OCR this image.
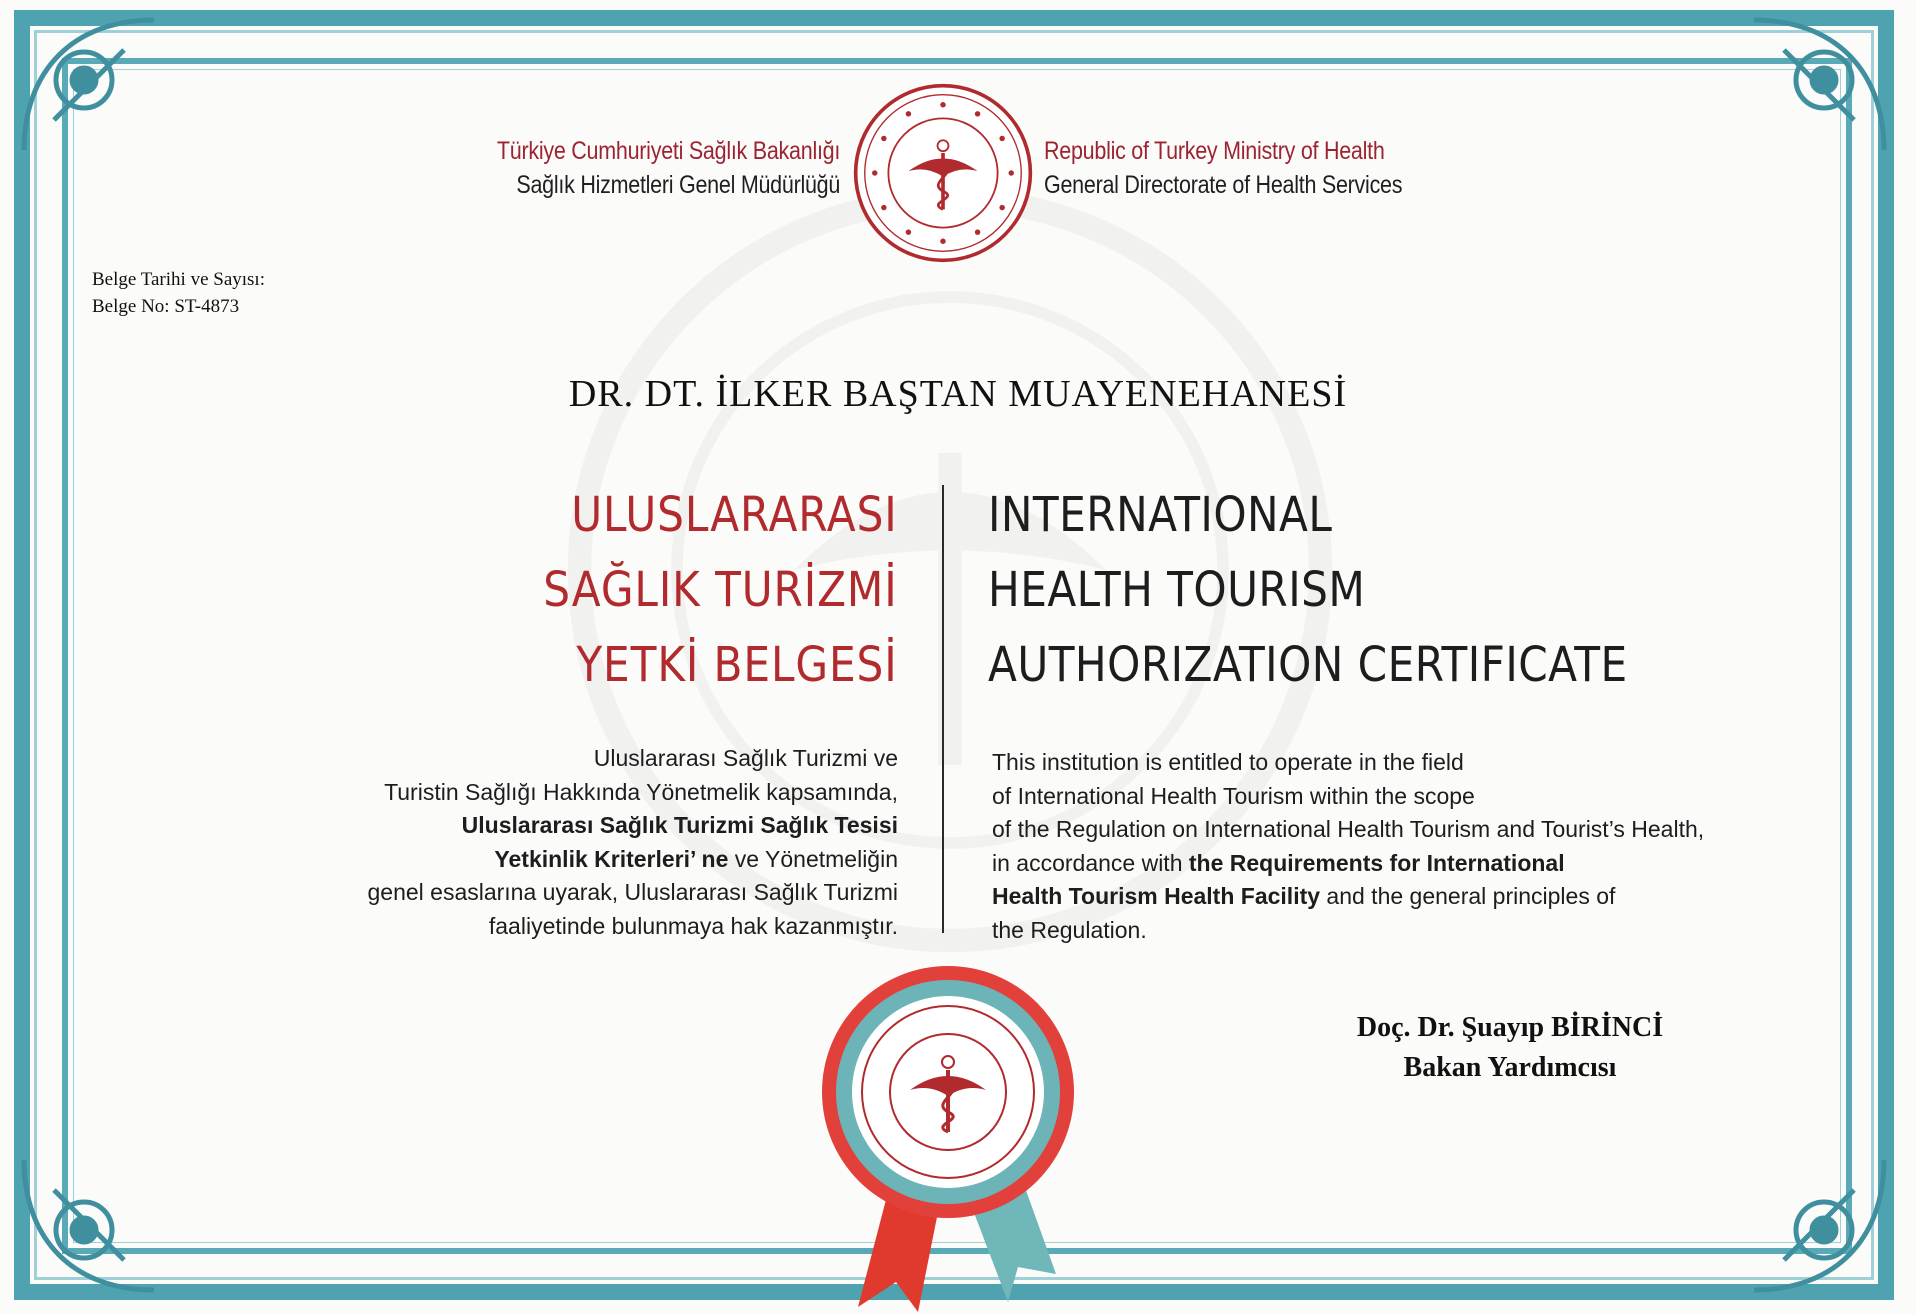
Türkiye Cumhuriyeti Sağlık Bakanlığı
Sağlık Hizmetleri Genel Müdürlüğü
Republic of Turkey Ministry of Health
General Directorate of Health Services
Belge Tarihi ve Sayısı:
Belge No: ST-4873
DR. DT. İLKER BAŞTAN MUAYENEHANESİ
ULUSLARARASI
SAĞLIK TURİZMİ
YETKİ BELGESİ
INTERNATIONAL
HEALTH TOURISM
AUTHORIZATION CERTIFICATE
Uluslararası Sağlık Turizmi ve
Turistin Sağlığı Hakkında Yönetmelik kapsamında,
Uluslararası Sağlık Turizmi Sağlık Tesisi
Yetkinlik Kriterleri’ ne ve Yönetmeliğin
genel esaslarına uyarak, Uluslararası Sağlık Turizmi
faaliyetinde bulunmaya hak kazanmıştır.
This institution is entitled to operate in the field
of International Health Tourism within the scope
of the Regulation on International Health Tourism and Tourist’s Health,
in accordance with the Requirements for International
Health Tourism Health Facility and the general principles of
the Regulation.
Doç. Dr. Şuayıp BİRİNCİ
Bakan Yardımcısı
